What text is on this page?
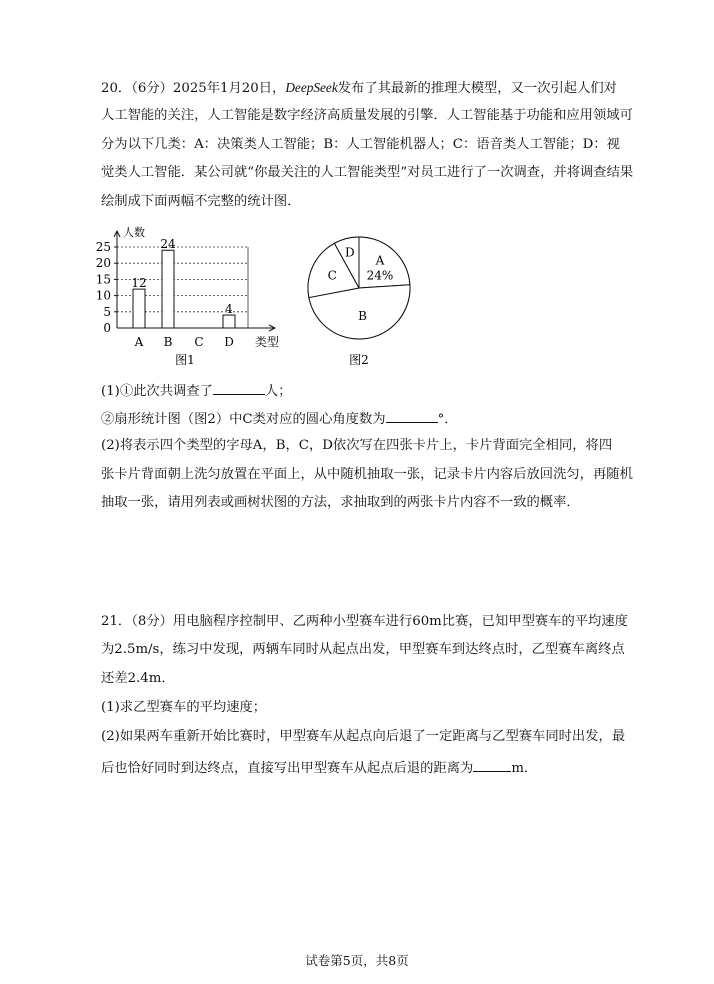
20．（6分）2025年1月20日，DeepSeek发布了其最新的推理大模型，又一次引起人们对
人工智能的关注，人工智能是数字经济高质量发展的引擎．人工智能基于功能和应用领域可
分为以下几类：A：决策类人工智能；B：人工智能机器人；C：语音类人工智能；D：视
觉类人工智能．某公司就“你最关注的人工智能类型”对员工进行了一次调查，并将调查结果
绘制成下面两幅不完整的统计图．
0
5
10
15
20
25
人数
类型
A
12
B
24
C D
4
图1
A
24%
B
C
D
图2
(1)①此次共调查了	人；
②扇形统计图（图2）中C类对应的圆心角度数为	°．
(2)将表示四个类型的字母A，B，C，D依次写在四张卡片上，卡片背面完全相同，将四
张卡片背面朝上洗匀放置在平面上，从中随机抽取一张，记录卡片内容后放回洗匀，再随机
抽取一张，请用列表或画树状图的方法，求抽取到的两张卡片内容不一致的概率．
21．（8分）用电脑程序控制甲、乙两种小型赛车进行60m比赛，已知甲型赛车的平均速度
为2.5m/s，练习中发现，两辆车同时从起点出发，甲型赛车到达终点时，乙型赛车离终点
还差2.4m．
(1)求乙型赛车的平均速度；
(2)如果两车重新开始比赛时，甲型赛车从起点向后退了一定距离与乙型赛车同时出发，最
后也恰好同时到达终点，直接写出甲型赛车从起点后退的距离为	m．
试卷第5页，共8页
